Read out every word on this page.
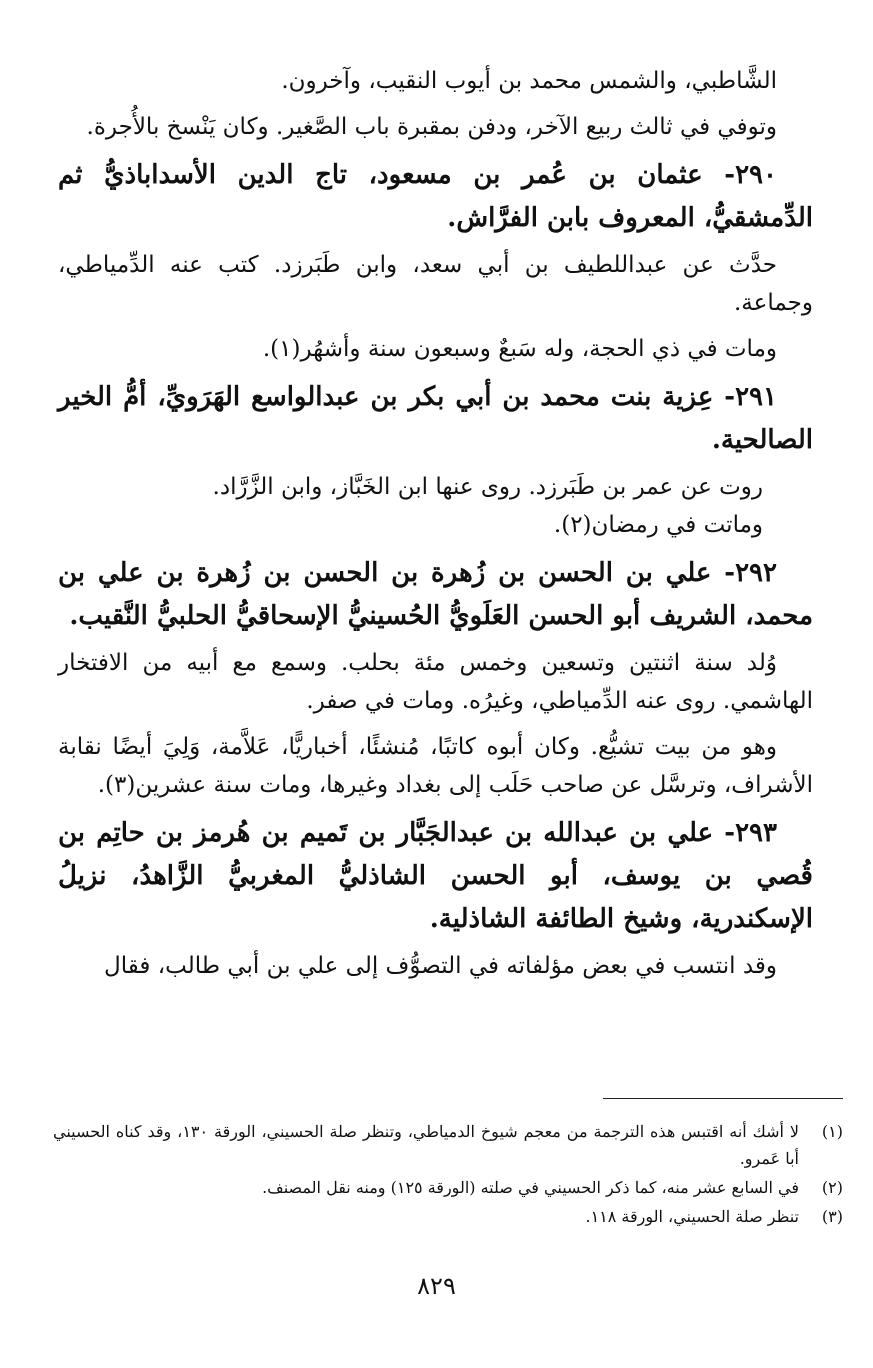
الشَّاطبي، والشمس محمد بن أيوب النقيب، وآخرون.

وتوفي في ثالث ربيع الآخر، ودفن بمقبرة باب الصَّغير. وكان يَنْسخ بالأُجرة.

٢٩٠- عثمان بن عُمر بن مسعود، تاج الدين الأسداباذيُّ ثم الدِّمشقيُّ، المعروف بابن الفرَّاش.

حدَّث عن عبداللطيف بن أبي سعد، وابن طَبَرزد. كتب عنه الدِّمياطي، وجماعة.

ومات في ذي الحجة، وله سَبعٌ وسبعون سنة وأشهُر(١).

٢٩١- عِزية بنت محمد بن أبي بكر بن عبدالواسع الهَرَويِّ، أمُّ الخير الصالحية.

روت عن عمر بن طَبَرزد. روى عنها ابن الخَبَّاز، وابن الزَّرَّاد.

وماتت في رمضان(٢).

٢٩٢- علي بن الحسن بن زُهرة بن الحسن بن زُهرة بن علي بن محمد، الشريف أبو الحسن العَلَويُّ الحُسينيُّ الإسحاقيُّ الحلبيُّ النَّقيب.

وُلد سنة اثنتين وتسعين وخمس مئة بحلب. وسمع مع أبيه من الافتخار الهاشمي. روى عنه الدِّمياطي، وغيرُه. ومات في صفر.

وهو من بيت تشيُّع. وكان أبوه كاتبًا، مُنشئًا، أخباريًّا، عَلاَّمة، وَلِيَ أيضًا نقابة الأشراف، وترسَّل عن صاحب حَلَب إلى بغداد وغيرها، ومات سنة عشرين(٣).

٢٩٣- علي بن عبدالله بن عبدالجَبَّار بن تَميم بن هُرمز بن حاتِم بن قُصي بن يوسف، أبو الحسن الشاذليُّ المغربيُّ الزَّاهدُ، نزيلُ الإسكندرية، وشيخ الطائفة الشاذلية.

وقد انتسب في بعض مؤلفاته في التصوُّف إلى علي بن أبي طالب، فقال

(١)
لا أشك أنه اقتبس هذه الترجمة من معجم شيوخ الدمياطي، وتنظر صلة الحسيني، الورقة ١٣٠، وقد كناه الحسيني أبا عَمرو.
(٢)
في السابع عشر منه، كما ذكر الحسيني في صلته (الورقة ١٢٥) ومنه نقل المصنف.
(٣)
تنظر صلة الحسيني، الورقة ١١٨.
٨٢٩
